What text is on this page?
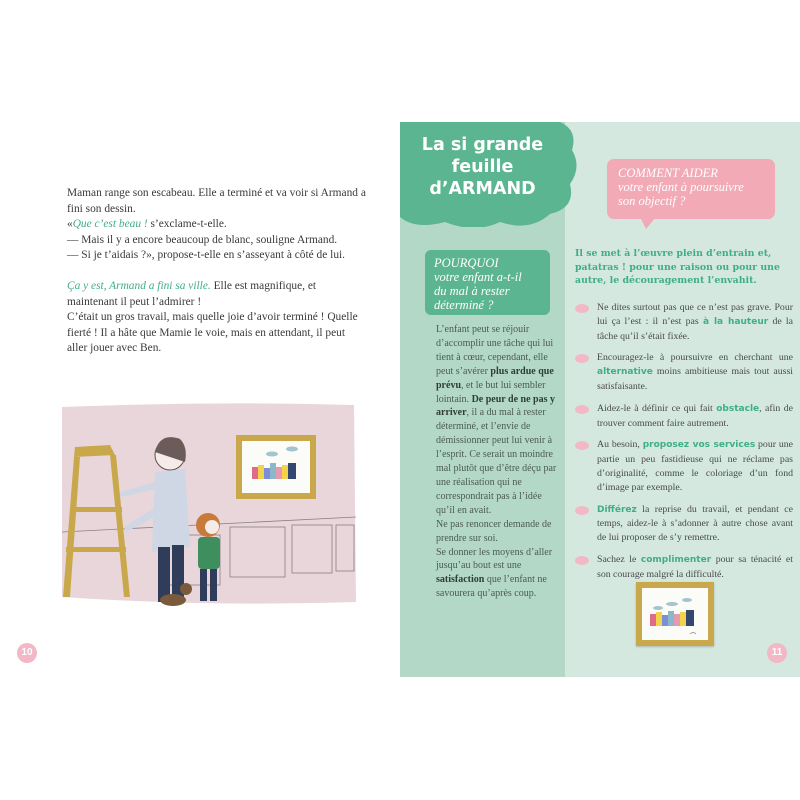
Maman range son escabeau. Elle a terminé et va voir si Armand a fini son dessin.

«Que c’est beau ! s’exclame-t-elle.

— Mais il y a encore beaucoup de blanc, souligne Armand.

— Si je t’aidais ?», propose-t-elle en s’asseyant à côté de lui.

Ça y est, Armand a fini sa ville. Elle est magnifique, et maintenant il peut l’admirer !

C’était un gros travail, mais quelle joie d’avoir terminé ! Quelle fierté ! Il a hâte que Mamie le voie, mais en attendant, il peut aller jouer avec Ben.

10
La si grande
feuille
d’ARMAND
POURQUOI
votre enfant a-t-il
du mal à rester
déterminé ?
L’enfant peut se réjouir d’accomplir une tâche qui lui tient à cœur, cependant, elle peut s’avérer plus ardue que prévu, et le but lui sembler lointain. De peur de ne pas y arriver, il a du mal à rester déterminé, et l’envie de démissionner peut lui venir à l’esprit. Ce serait un moindre mal plutôt que d’être déçu par une réalisation qui ne correspondrait pas à l’idée qu’il en avait.
Ne pas renoncer demande de prendre sur soi.
Se donner les moyens d’aller jusqu’au bout est une satisfaction que l’enfant ne savourera qu’après coup.
COMMENT AIDER
votre enfant à poursuivre
son objectif ?
Il se met à l’œuvre plein d’entrain et, patatras ! pour une raison ou pour une autre, le découragement l’envahit.
Ne dites surtout pas que ce n’est pas grave. Pour lui ça l’est : il n’est pas à la hauteur de la tâche qu’il s’était fixée.
Encouragez-le à poursuivre en cherchant une alternative moins ambitieuse mais tout aussi satisfaisante.
Aidez-le à définir ce qui fait obstacle, afin de trouver comment faire autrement.
Au besoin, proposez vos services pour une partie un peu fastidieuse qui ne réclame pas d’originalité, comme le coloriage d’un fond d’image par exemple.
Différez la reprise du travail, et pendant ce temps, aidez-le à s’adonner à autre chose avant de lui proposer de s’y remettre.
Sachez le complimenter pour sa ténacité et son courage malgré la difficulté.
11
